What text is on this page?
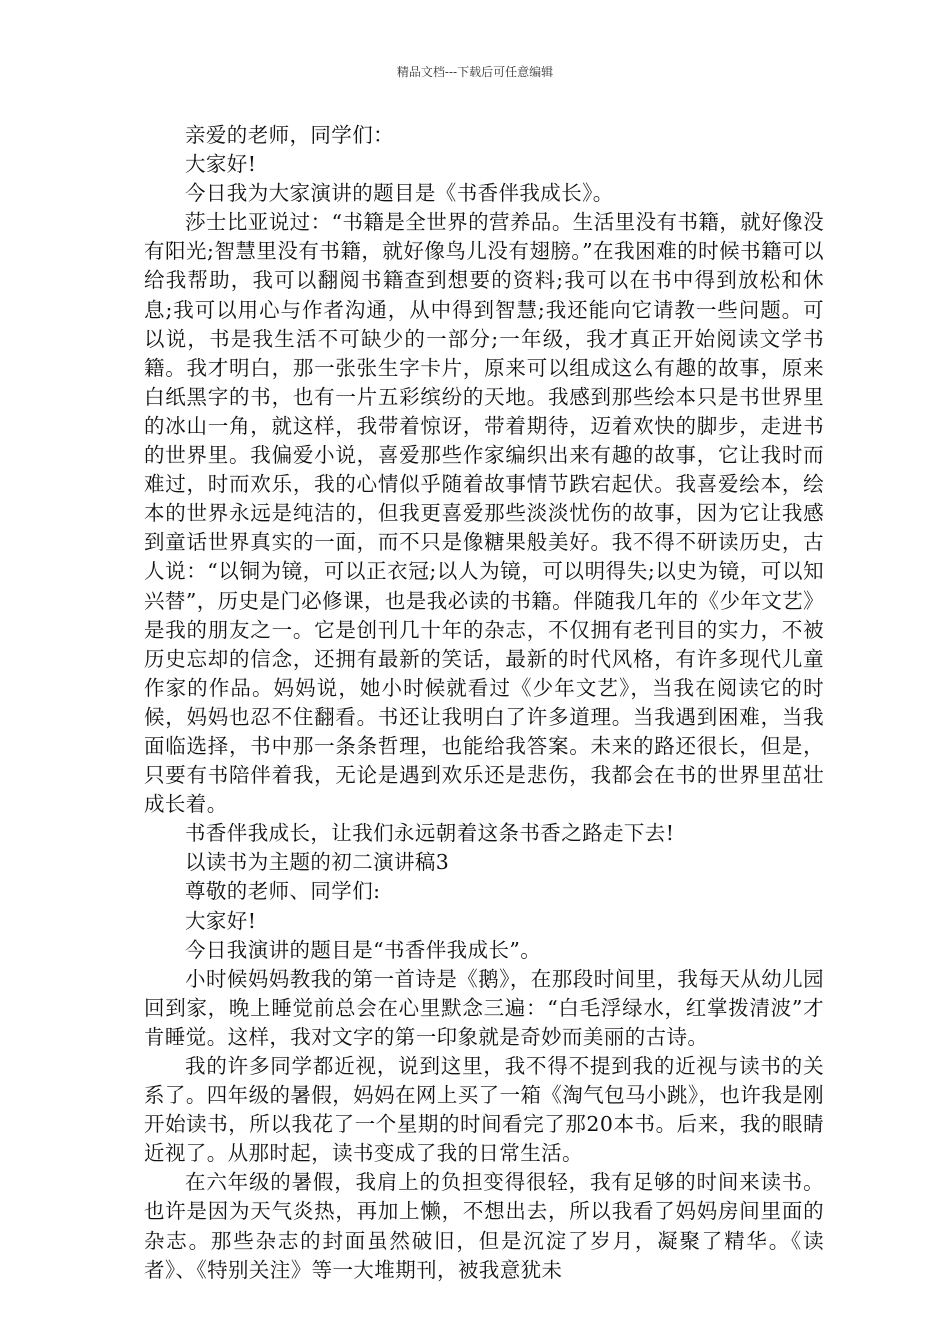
精品文档---下载后可任意编辑

亲爱的老师，同学们：

大家好!

今日我为大家演讲的题目是《书香伴我成长》。

莎士比亚说过：“书籍是全世界的营养品。生活里没有书籍，就好像没有阳光;智慧里没有书籍，就好像鸟儿没有翅膀。”在我困难的时候书籍可以给我帮助，我可以翻阅书籍查到想要的资料;我可以在书中得到放松和休息;我可以用心与作者沟通，从中得到智慧;我还能向它请教一些问题。可以说，书是我生活不可缺少的一部分;一年级，我才真正开始阅读文学书籍。我才明白，那一张张生字卡片，原来可以组成这么有趣的故事，原来白纸黑字的书，也有一片五彩缤纷的天地。我感到那些绘本只是书世界里的冰山一角，就这样，我带着惊讶，带着期待，迈着欢快的脚步，走进书的世界里。我偏爱小说，喜爱那些作家编织出来有趣的故事，它让我时而难过，时而欢乐，我的心情似乎随着故事情节跌宕起伏。我喜爱绘本，绘本的世界永远是纯洁的，但我更喜爱那些淡淡忧伤的故事，因为它让我感到童话世界真实的一面，而不只是像糖果般美好。我不得不研读历史，古人说：“以铜为镜，可以正衣冠;以人为镜，可以明得失;以史为镜，可以知兴替”，历史是门必修课，也是我必读的书籍。伴随我几年的《少年文艺》是我的朋友之一。它是创刊几十年的杂志，不仅拥有老刊目的实力，不被历史忘却的信念，还拥有最新的笑话，最新的时代风格，有许多现代儿童作家的作品。妈妈说，她小时候就看过《少年文艺》，当我在阅读它的时候，妈妈也忍不住翻看。书还让我明白了许多道理。当我遇到困难，当我面临选择，书中那一条条哲理，也能给我答案。未来的路还很长，但是，只要有书陪伴着我，无论是遇到欢乐还是悲伤，我都会在书的世界里茁壮成长着。

书香伴我成长，让我们永远朝着这条书香之路走下去!

以读书为主题的初二演讲稿3

尊敬的老师、同学们:

大家好!

今日我演讲的题目是“书香伴我成长”。

小时候妈妈教我的第一首诗是《鹅》，在那段时间里，我每天从幼儿园回到家，晚上睡觉前总会在心里默念三遍：“白毛浮绿水，红掌拨清波”才肯睡觉。这样，我对文字的第一印象就是奇妙而美丽的古诗。

我的许多同学都近视，说到这里，我不得不提到我的近视与读书的关系了。四年级的暑假，妈妈在网上买了一箱《淘气包马小跳》，也许我是刚开始读书，所以我花了一个星期的时间看完了那20本书。后来，我的眼睛近视了。从那时起，读书变成了我的日常生活。

在六年级的暑假，我肩上的负担变得很轻，我有足够的时间来读书。也许是因为天气炎热，再加上懒，不想出去，所以我看了妈妈房间里面的杂志。那些杂志的封面虽然破旧，但是沉淀了岁月，凝聚了精华。《读者》、《特别关注》等一大堆期刊，被我意犹未
